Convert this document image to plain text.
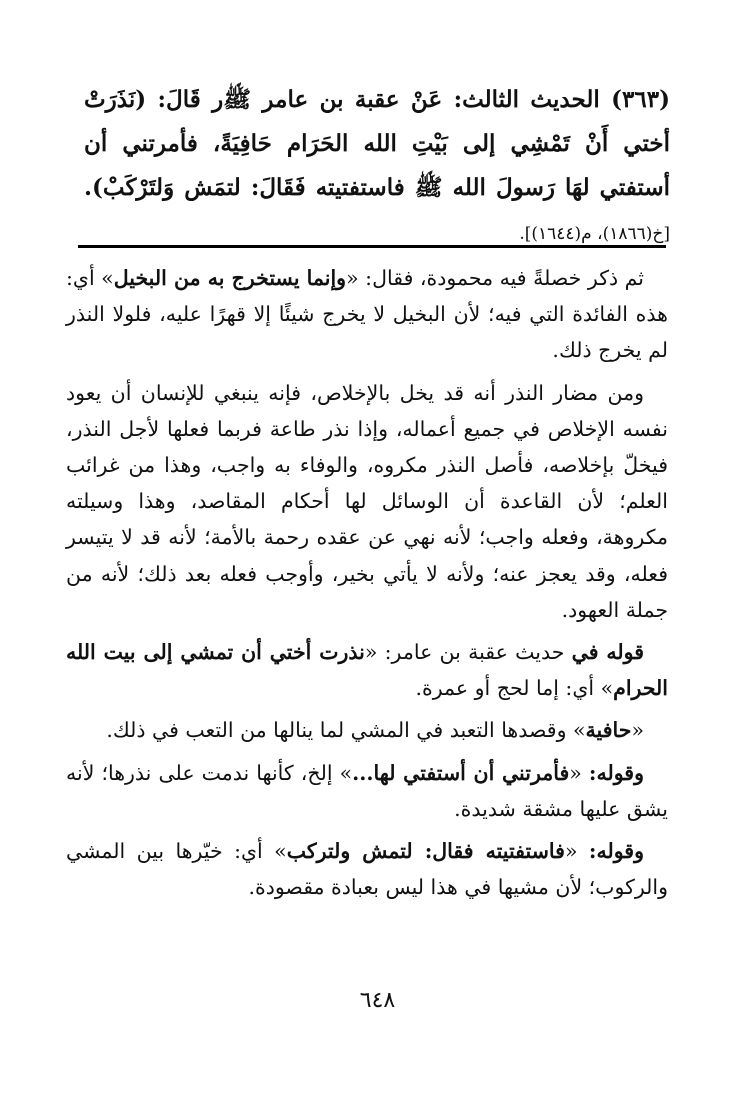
(٣٦٣) الحديث الثالث: عَنْ عقبة بن عامر ﷺر قَالَ: (نَذَرَتْ أختي أَنْ تَمْشِي إلى بَيْتِ الله الحَرَام حَافِيَةً، فأمرتني أن أستفتي لهَا رَسولَ الله ﷺ فاستفتيته فَقَالَ: لتمَش وَلتَرْكَبْ). [خ(١٨٦٦)، م(١٦٤٤)].

ثم ذكر خصلةً فيه محمودة، فقال: «وإنما يستخرج به من البخيل» أي: هذه الفائدة التي فيه؛ لأن البخيل لا يخرج شيئًا إلا قهرًا عليه، فلولا النذر لم يخرج ذلك.

ومن مضار النذر أنه قد يخل بالإخلاص، فإنه ينبغي للإنسان أن يعود نفسه الإخلاص في جميع أعماله، وإذا نذر طاعة فربما فعلها لأجل النذر، فيخلّ بإخلاصه، فأصل النذر مكروه، والوفاء به واجب، وهذا من غرائب العلم؛ لأن القاعدة أن الوسائل لها أحكام المقاصد، وهذا وسيلته مكروهة، وفعله واجب؛ لأنه نهي عن عقده رحمة بالأمة؛ لأنه قد لا يتيسر فعله، وقد يعجز عنه؛ ولأنه لا يأتي بخير، وأوجب فعله بعد ذلك؛ لأنه من جملة العهود.

قوله في حديث عقبة بن عامر: «نذرت أختي أن تمشي إلى بيت الله الحرام» أي: إما لحج أو عمرة.

«حافية» وقصدها التعبد في المشي لما ينالها من التعب في ذلك.

وقوله: «فأمرتني أن أستفتي لها...» إلخ، كأنها ندمت على نذرها؛ لأنه يشق عليها مشقة شديدة.

وقوله: «فاستفتيته فقال: لتمش ولتركب» أي: خيّرها بين المشي والركوب؛ لأن مشيها في هذا ليس بعبادة مقصودة.

٦٤٨
